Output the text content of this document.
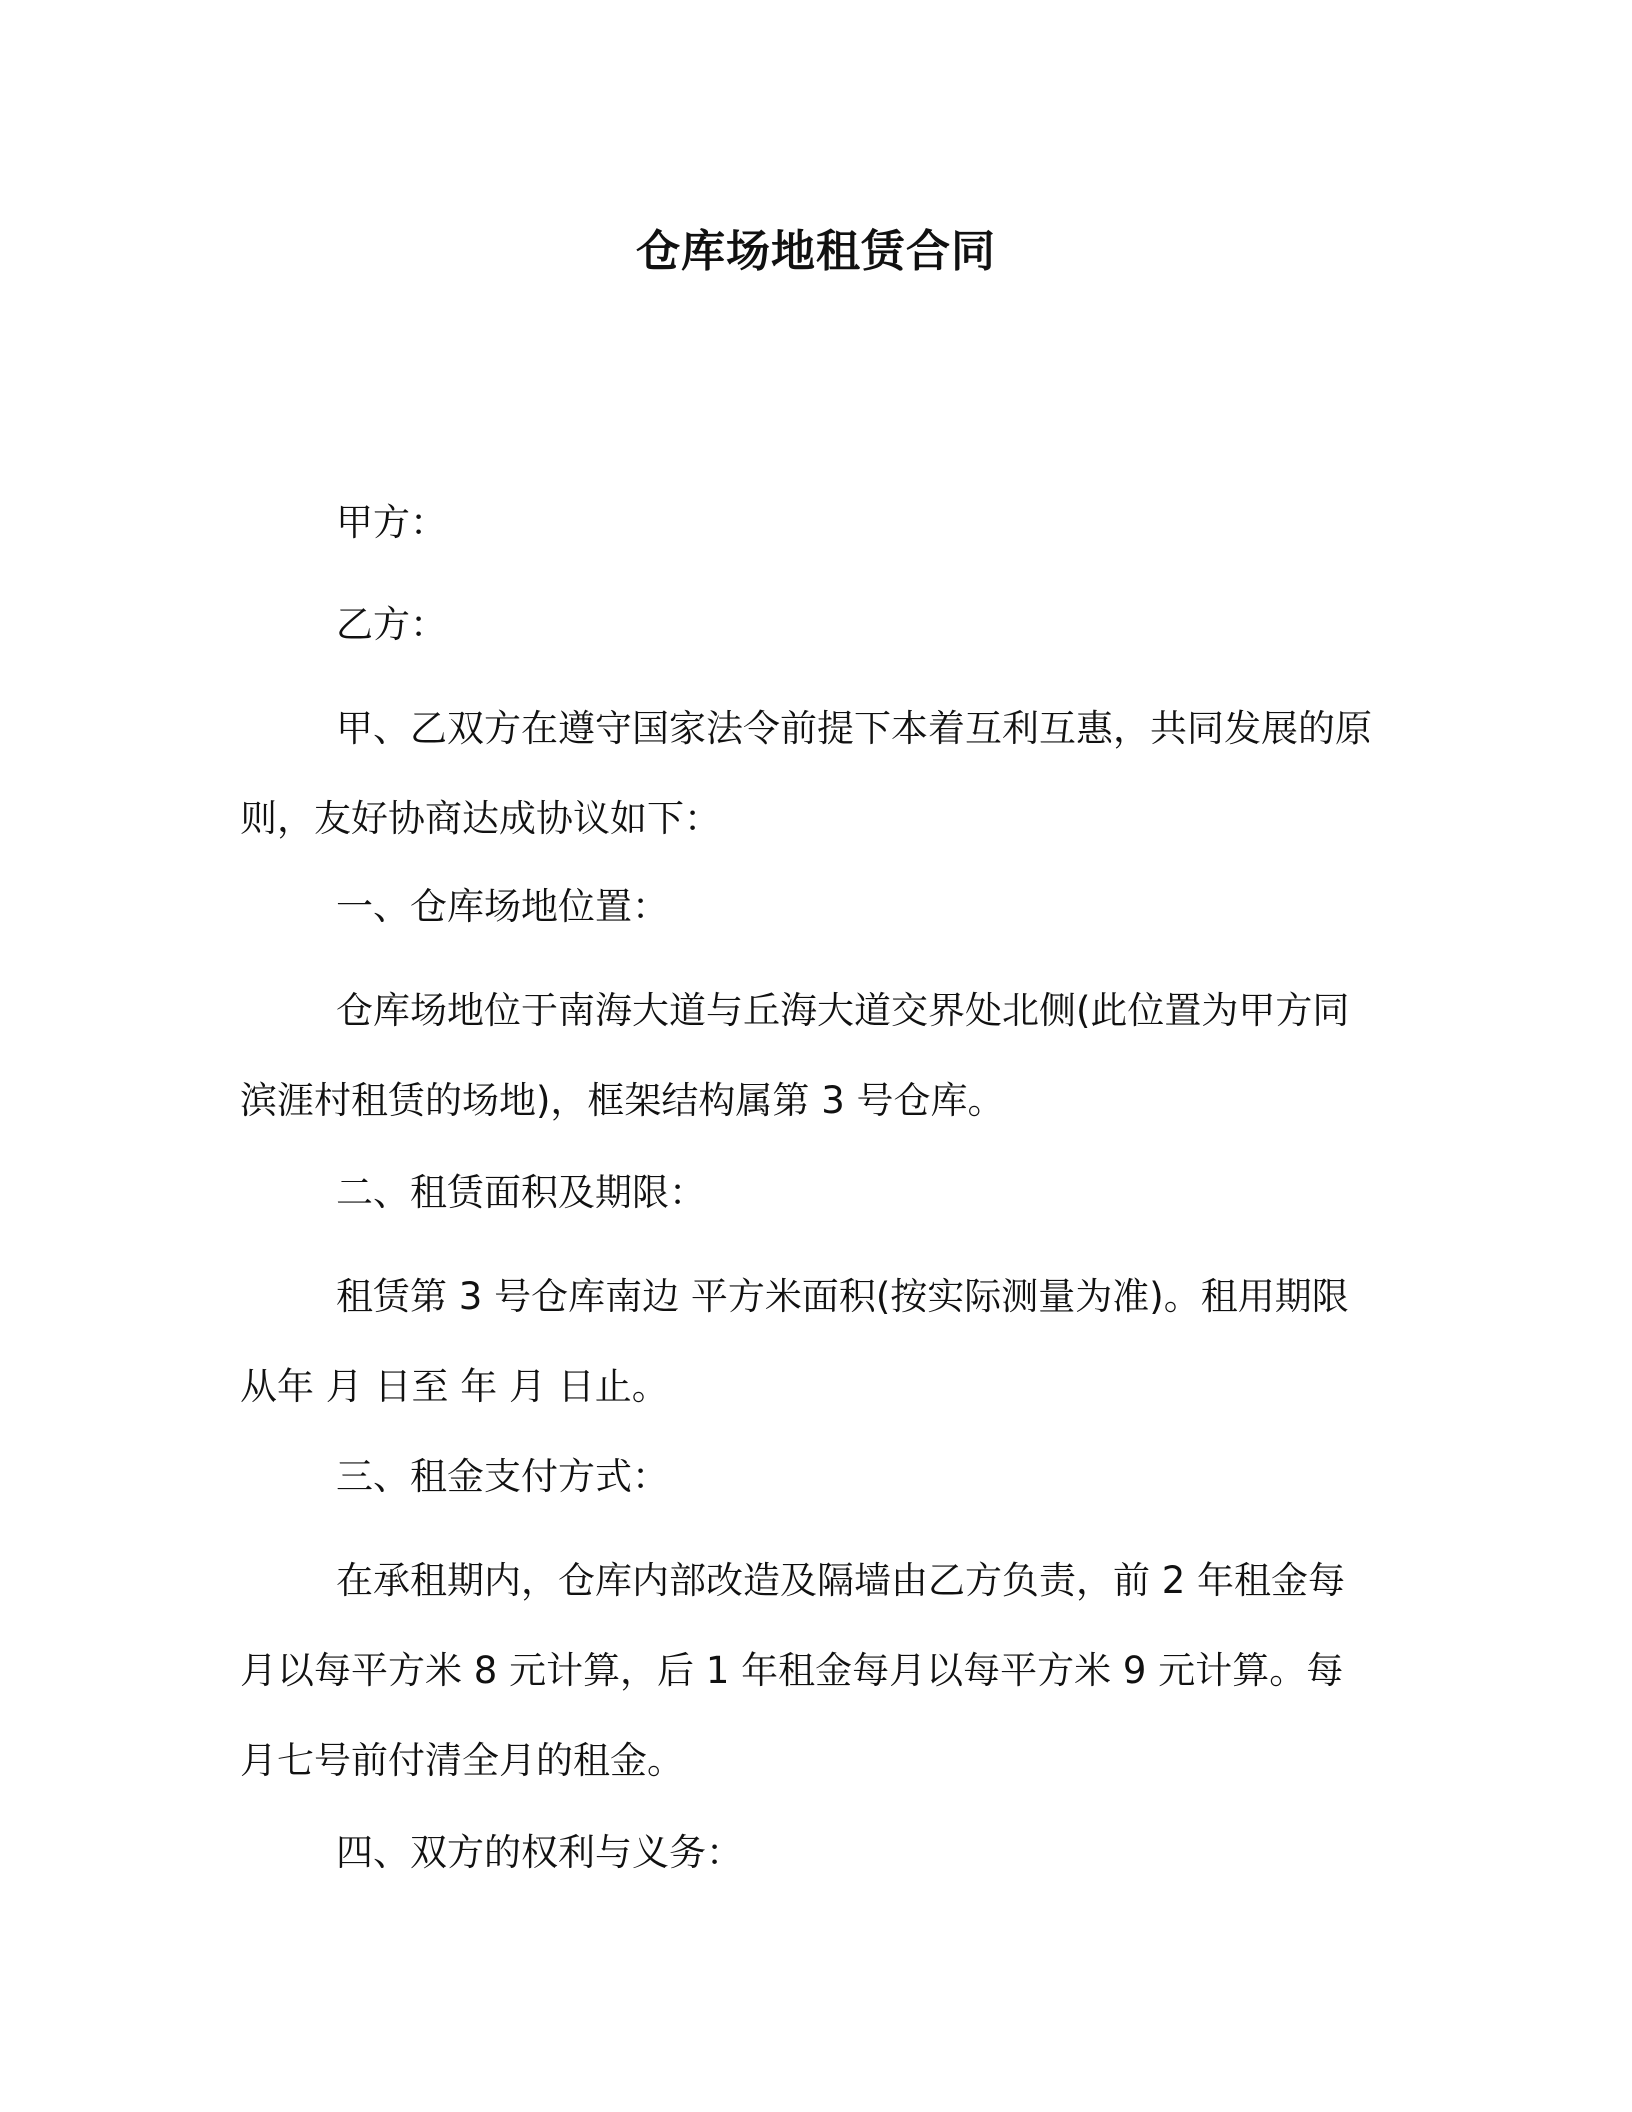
仓库场地租赁合同

甲方：

乙方：

甲、乙双方在遵守国家法令前提下本着互利互惠，共同发展的原则，友好协商达成协议如下：

一、仓库场地位置：

仓库场地位于南海大道与丘海大道交界处北侧(此位置为甲方同滨涯村租赁的场地)，框架结构属第 3 号仓库。

二、租赁面积及期限：

租赁第 3 号仓库南边 平方米面积(按实际测量为准)。租用期限从年 月 日至 年 月 日止。

三、租金支付方式：

在承租期内，仓库内部改造及隔墙由乙方负责，前 2 年租金每月以每平方米 8 元计算，后 1 年租金每月以每平方米 9 元计算。每月七号前付清全月的租金。

四、双方的权利与义务：
